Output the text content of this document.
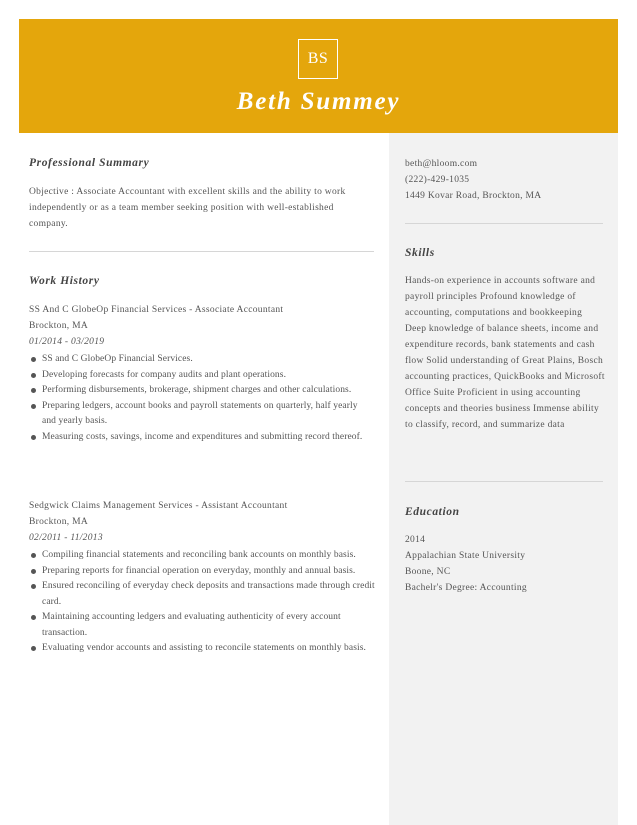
BS
Beth Summey
Professional Summary
Objective : Associate Accountant with excellent skills and the ability to work independently or as a team member seeking position with well-established company.
Work History
SS And C GlobeOp Financial Services - Associate Accountant
Brockton, MA
01/2014 - 03/2019
SS and C GlobeOp Financial Services.
Developing forecasts for company audits and plant operations.
Performing disbursements, brokerage, shipment charges and other calculations.
Preparing ledgers, account books and payroll statements on quarterly, half yearly and yearly basis.
Measuring costs, savings, income and expenditures and submitting record thereof.
Sedgwick Claims Management Services - Assistant Accountant
Brockton, MA
02/2011 - 11/2013
Compiling financial statements and reconciling bank accounts on monthly basis.
Preparing reports for financial operation on everyday, monthly and annual basis.
Ensured reconciling of everyday check deposits and transactions made through credit card.
Maintaining accounting ledgers and evaluating authenticity of every account transaction.
Evaluating vendor accounts and assisting to reconcile statements on monthly basis.
beth@hloom.com
(222)-429-1035
1449 Kovar Road, Brockton, MA
Skills
Hands-on experience in accounts software and payroll principles Profound knowledge of accounting, computations and bookkeeping Deep knowledge of balance sheets, income and expenditure records, bank statements and cash flow Solid understanding of Great Plains, Bosch accounting practices, QuickBooks and Microsoft Office Suite Proficient in using accounting concepts and theories business Immense ability to classify, record, and summarize data
Education
2014
Appalachian State University
Boone, NC
Bachelr's Degree: Accounting
